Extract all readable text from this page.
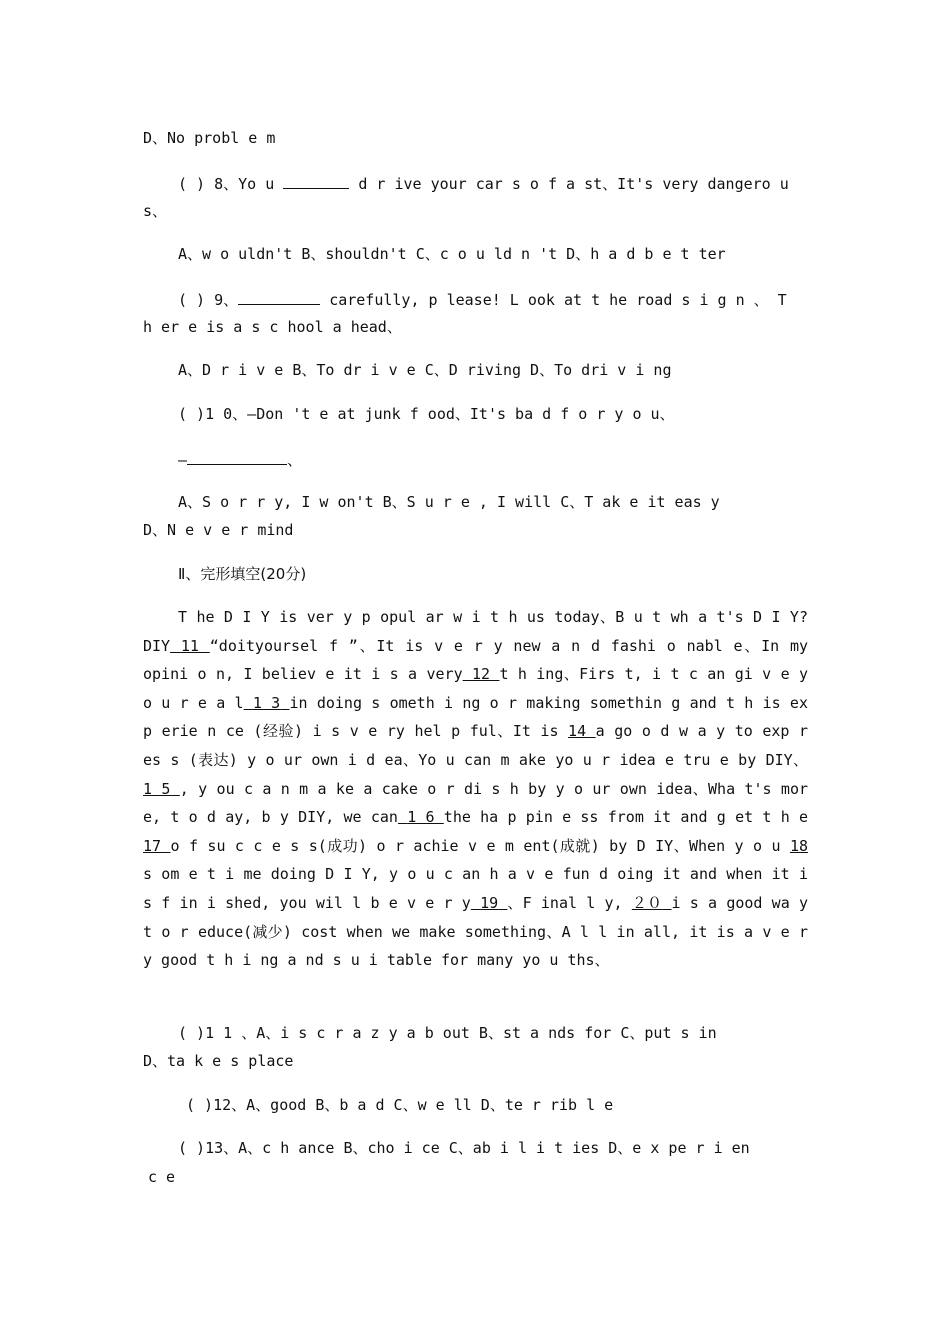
D、No probl e m

( ) 8、Yo u	d r ive your car s o f a st、It's very dangero u

s、

A、w o uldn't B、shouldn't C、c o u ld n 't D、h a d b e t ter

( ) 9、	carefully, p lease! L ook at t he road s i g n 、 T

h er e is a s c hool a head、

A、D r i v e B、To dr i v e C、D riving D、To dri v i ng

( )1 0、—Don 't e at junk f ood、It's ba d f o r y o u、

—	、

A、S o r r y, I w on't B、S u r e , I will C、T ak e it eas y

D、N e v e r mind

Ⅱ、完形填空(20分)

T he D I Y is ver y p opul ar w i t h us today、B u t wh a t's D I Y? DIY 11 “doityoursel f ”、It is v e r y new a n d fashi o nabl e、In my opini o n, I believ e it i s a very 12 t h ing、Firs t, i t c an gi v e y o u r e a l 1 3 in doing s ometh i ng o r making somethin g and t h is ex p erie n ce (经验) i s v e ry hel p ful、It is 14 a go o d w a y to exp r es s (表达) y o ur own i d ea、Yo u can m ake yo u r idea e tru e by DIY、 1 5 , y ou c a n m a ke a cake o r di s h by y o ur own idea、Wha t's mor e, t o d ay, b y DIY, we can 1 6 the ha p pin e ss from it and g et t h e 17 o f su c c e s s(成功) o r achie v e m ent(成就) by D IY、When y o u 18 s om e t i me doing D I Y, y o u c an h a v e fun d oing it and when it i s f in i shed, you wil l b e v e r y 19 、F inal l y, ２０ i s a good wa y t o r educe(减少) cost when we make something、A l l in all, it is a v e r y good t h i ng a nd s u i table for many yo u ths、

( )1 1 、A、i s c r a z y a b out B、st a nds for C、put s in

D、ta k e s place

( )12、A、good B、b a d C、w e ll D、te r rib l e

( )13、A、c h ance B、cho i ce C、ab i l i t ies D、e x pe r i en

c e
